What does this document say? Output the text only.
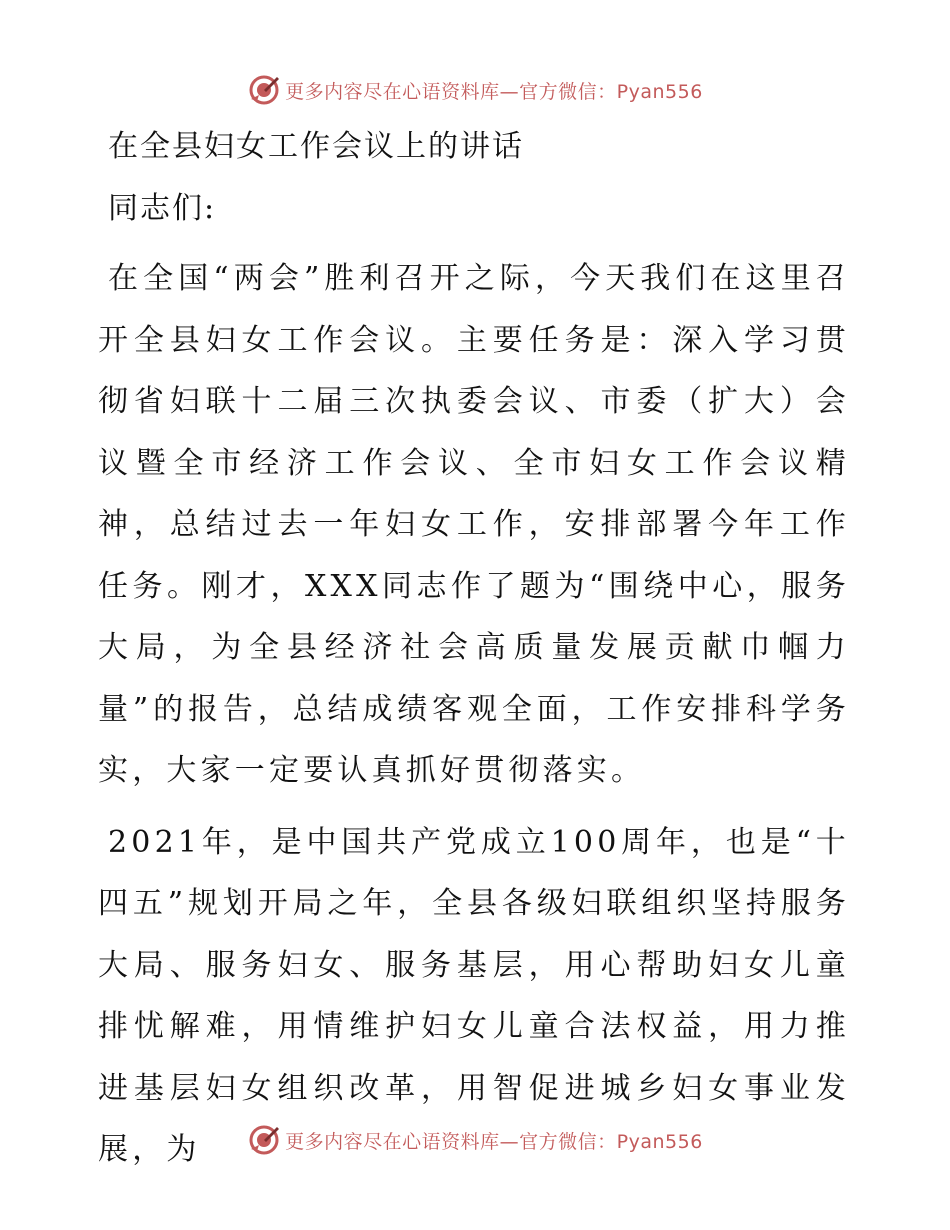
更多内容尽在心语资料库—官方微信：Pyan556
在全县妇女工作会议上的讲话
同志们:

在全国“两会”胜利召开之际，今天我们在这里召开全县妇女工作会议。主要任务是：深入学习贯彻省妇联十二届三次执委会议、市委（扩大）会议暨全市经济工作会议、全市妇女工作会议精神，总结过去一年妇女工作，安排部署今年工作任务。刚才，XXX同志作了题为“围绕中心，服务大局，为全县经济社会高质量发展贡献巾帼力量”的报告，总结成绩客观全面，工作安排科学务实，大家一定要认真抓好贯彻落实。

2021年，是中国共产党成立100周年，也是“十四五”规划开局之年，全县各级妇联组织坚持服务大局、服务妇女、服务基层，用心帮助妇女儿童排忧解难，用情维护妇女儿童合法权益，用力推进基层妇女组织改革，用智促进城乡妇女事业发展，为	更多内容尽在心语资料库—官方微信：Pyan556
